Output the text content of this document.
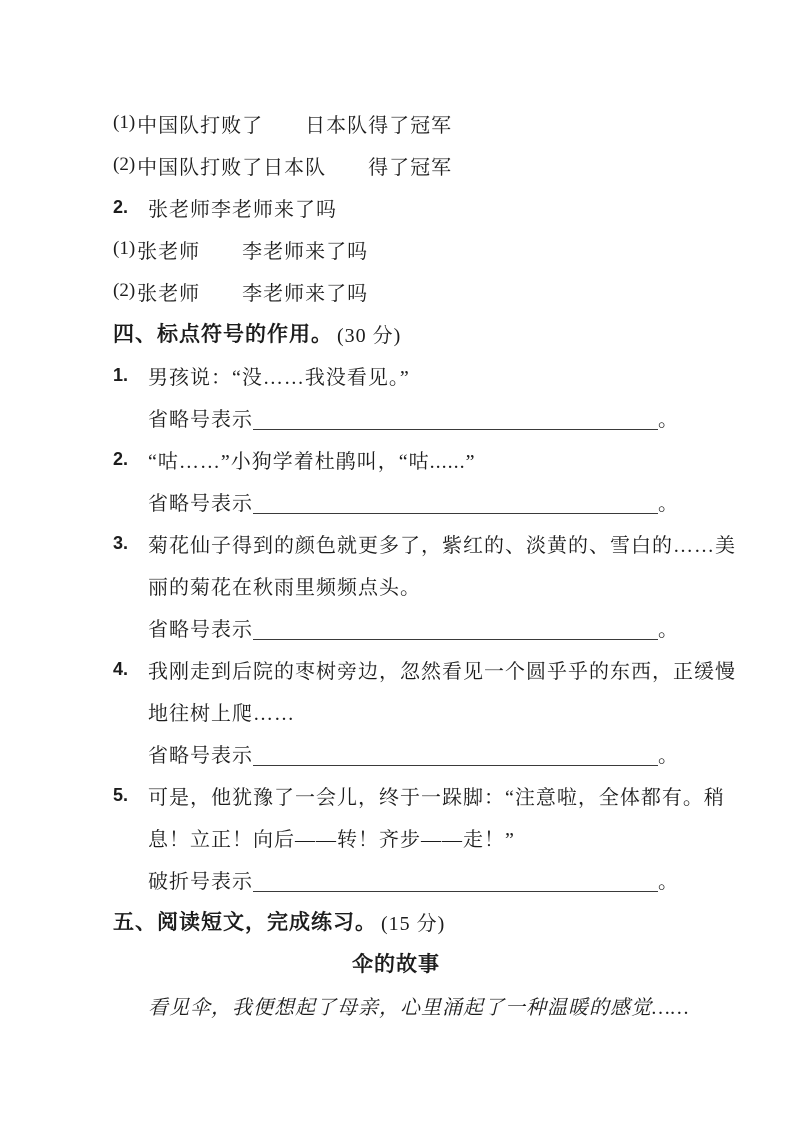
(1) 中国队打败了　　日本队得了冠军
(2) 中国队打败了日本队　　得了冠军
2. 张老师李老师来了吗
(1) 张老师　　李老师来了吗
(2) 张老师　　李老师来了吗
四、标点符号的作用。 (30 分)
1. 男孩说：“没……我没看见。”
省略号表示	。
2. “咕……”小狗学着杜鹃叫，“咕......”
省略号表示	。
3. 菊花仙子得到的颜色就更多了，紫红的、淡黄的、雪白的……美
丽的菊花在秋雨里频频点头。
省略号表示	。
4. 我刚走到后院的枣树旁边，忽然看见一个圆乎乎的东西，正缓慢
地往树上爬……
省略号表示	。
5. 可是，他犹豫了一会儿，终于一跺脚：“注意啦，全体都有。稍
息！立正！向后——转！齐步——走！”
破折号表示	。
五、阅读短文，完成练习。 (15 分)
伞的故事
看见伞，我便想起了母亲，心里涌起了一种温暖的感觉……
